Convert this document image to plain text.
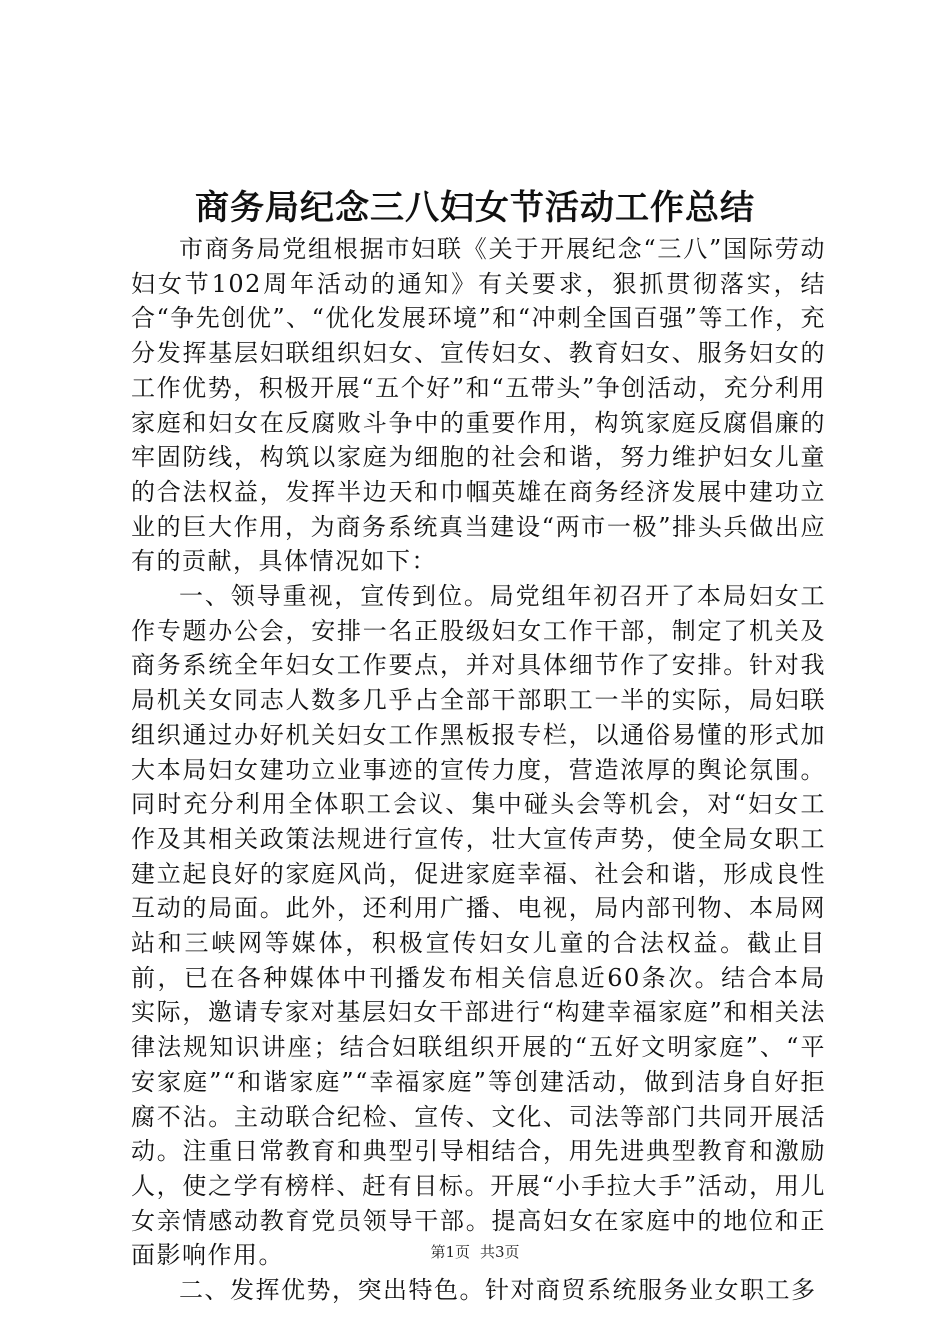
商务局纪念三八妇女节活动工作总结

市商务局党组根据市妇联《关于开展纪念“三八”国际劳动妇女节102周年活动的通知》有关要求，狠抓贯彻落实，结合“争先创优”、“优化发展环境”和“冲刺全国百强”等工作，充分发挥基层妇联组织妇女、宣传妇女、教育妇女、服务妇女的工作优势，积极开展“五个好”和“五带头”争创活动，充分利用家庭和妇女在反腐败斗争中的重要作用，构筑家庭反腐倡廉的牢固防线，构筑以家庭为细胞的社会和谐，努力维护妇女儿童的合法权益，发挥半边天和巾帼英雄在商务经济发展中建功立业的巨大作用，为商务系统真当建设“两市一极”排头兵做出应有的贡献，具体情况如下：

一、领导重视，宣传到位。局党组年初召开了本局妇女工作专题办公会，安排一名正股级妇女工作干部，制定了机关及商务系统全年妇女工作要点，并对具体细节作了安排。针对我局机关女同志人数多几乎占全部干部职工一半的实际，局妇联组织通过办好机关妇女工作黑板报专栏，以通俗易懂的形式加大本局妇女建功立业事迹的宣传力度，营造浓厚的舆论氛围。同时充分利用全体职工会议、集中碰头会等机会，对“妇女工作及其相关政策法规进行宣传，壮大宣传声势，使全局女职工建立起良好的家庭风尚，促进家庭幸福、社会和谐，形成良性互动的局面。此外，还利用广播、电视，局内部刊物、本局网站和三峡网等媒体，积极宣传妇女儿童的合法权益。截止目前，已在各种媒体中刊播发布相关信息近60条次。结合本局实际，邀请专家对基层妇女干部进行“构建幸福家庭”和相关法律法规知识讲座；结合妇联组织开展的“五好文明家庭”、“平安家庭”“和谐家庭”“幸福家庭”等创建活动，做到洁身自好拒腐不沾。主动联合纪检、宣传、文化、司法等部门共同开展活动。注重日常教育和典型引导相结合，用先进典型教育和激励人，使之学有榜样、赶有目标。开展“小手拉大手”活动，用儿女亲情感动教育党员领导干部。提高妇女在家庭中的地位和正面影响作用。

二、发挥优势，突出特色。针对商贸系统服务业女职工多

第1页 共3页
